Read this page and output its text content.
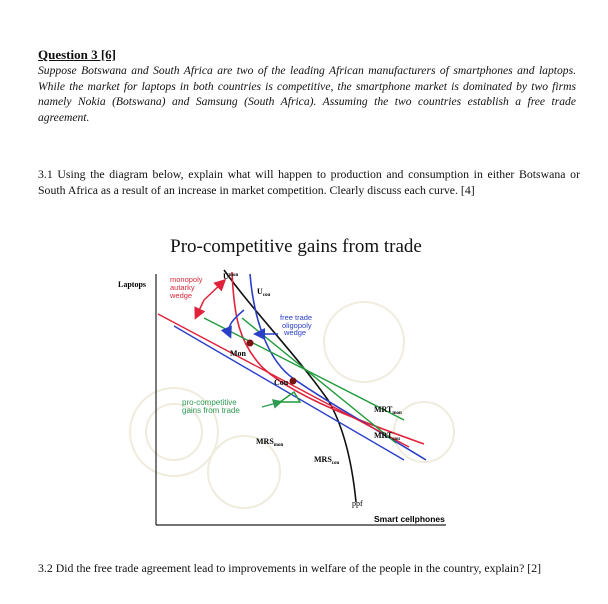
Question 3 [6]
Suppose Botswana and South Africa are two of the leading African manufacturers of smartphones and laptops. While the market for laptops in both countries is competitive, the smartphone market is dominated by two firms namely Nokia (Botswana) and Samsung (South Africa). Assuming the two countries establish a free trade agreement.
3.1 Using the diagram below, explain what will happen to production and consumption in either Botswana or South Africa as a result of an increase in market competition. Clearly discuss each curve. [4]
Pro-competitive gains from trade
Laptops
Smart cellphones
ppf
Mon
Cou
$U^{mon}$
$U_{cou}$
monopoly autarky wedge
free trade oligopoly wedge
pro-competitive gains from trade
$MRS_{mon}$
$MRS_{cou}$
$MRT_{mon}$
$MRT_{cou}$
3.2 Did the free trade agreement lead to improvements in welfare of the people in the country, explain? [2]
